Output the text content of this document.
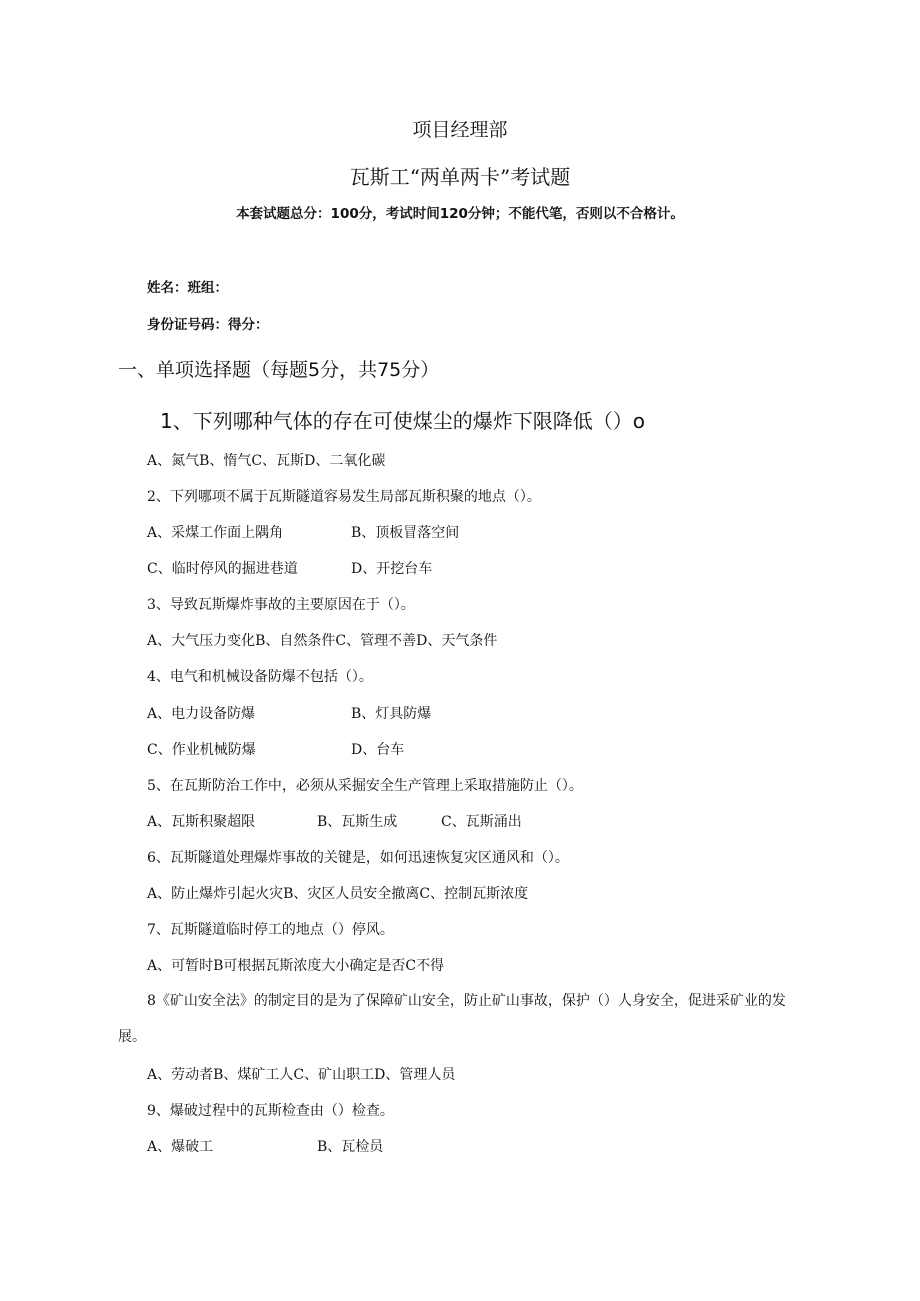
项目经理部
瓦斯工“两单两卡”考试题
本套试题总分：100分，考试时间120分钟；不能代笔，否则以不合格计。
姓名：班组：
身份证号码：得分：
一、单项选择题（每题5分，共75分）
1、下列哪种气体的存在可使煤尘的爆炸下限降低（）o
A、氮气B、惰气C、瓦斯D、二氧化碳
2、下列哪项不属于瓦斯隧道容易发生局部瓦斯积聚的地点（）。
A、采煤工作面上隅角	B、顶板冒落空间
C、临时停风的掘进巷道	D、开挖台车
3、导致瓦斯爆炸事故的主要原因在于（）。
A、大气压力变化B、自然条件C、管理不善D、天气条件
4、电气和机械设备防爆不包括（）。
A、电力设备防爆	B、灯具防爆
C、作业机械防爆	D、台车
5、在瓦斯防治工作中，必须从采掘安全生产管理上采取措施防止（）。
A、瓦斯积聚超限	B、瓦斯生成	C、瓦斯涌出
6、瓦斯隧道处理爆炸事故的关键是，如何迅速恢复灾区通风和（）。
A、防止爆炸引起火灾B、灾区人员安全撤离C、控制瓦斯浓度
7、瓦斯隧道临时停工的地点（）停风。
A、可暂时B可根据瓦斯浓度大小确定是否C不得
8《矿山安全法》的制定目的是为了保障矿山安全，防止矿山事故，保护（）人身安全，促进采矿业的发展。
A、劳动者B、煤矿工人C、矿山职工D、管理人员
9、爆破过程中的瓦斯检查由（）检查。
A、爆破工	B、瓦检员
